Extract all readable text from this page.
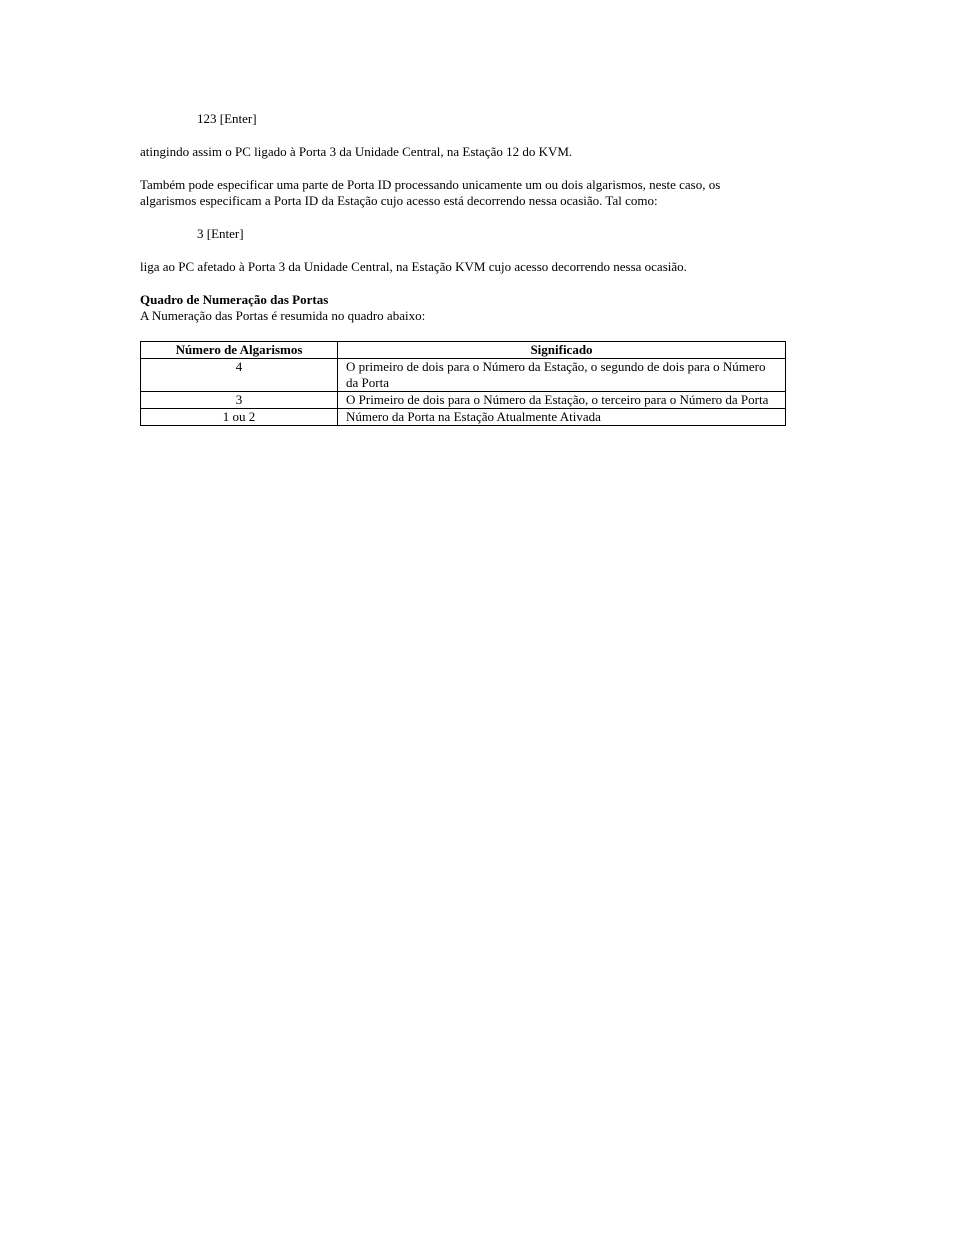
123 [Enter]

atingindo assim o PC ligado à Porta 3 da Unidade Central, na Estação 12 do KVM.

Também pode especificar uma parte de Porta ID processando unicamente um ou dois algarismos, neste caso, os

algarismos especificam a Porta ID da Estação cujo acesso está decorrendo nessa ocasião. Tal como:

3 [Enter]

liga ao PC afetado à Porta 3 da Unidade Central, na Estação KVM cujo acesso decorrendo nessa ocasião.

Quadro de Numeração das Portas

A Numeração das Portas é resumida no quadro abaixo:

Número de Algarismos	Significado
4	O primeiro de dois para o Número da Estação, o segundo de dois para o Número da Porta
3	O Primeiro de dois para o Número da Estação, o terceiro para o Número da Porta
1 ou 2	Número da Porta na Estação Atualmente Ativada
